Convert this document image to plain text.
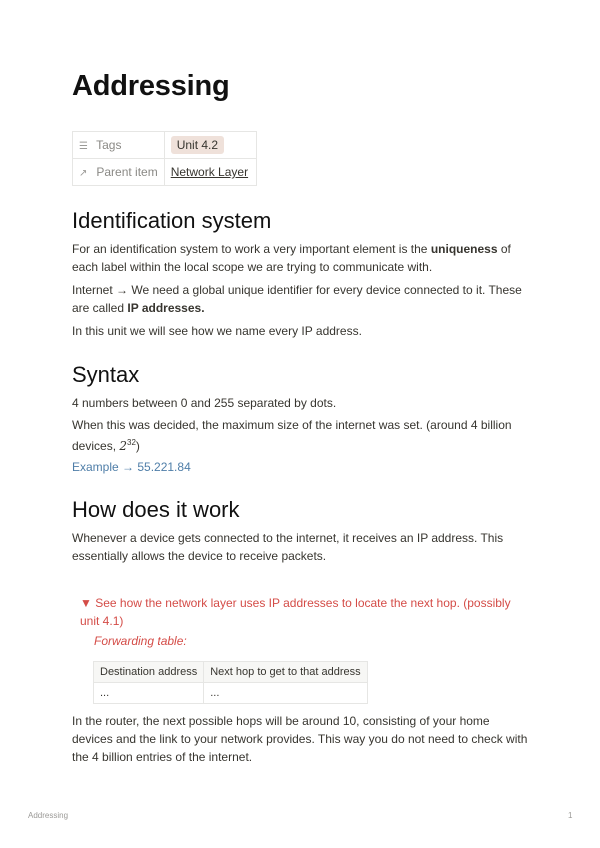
Addressing
☰ Tags	Unit 4.2
↗ Parent item	Network Layer
Identification system

For an identification system to work a very important element is the uniqueness of each label within the local scope we are trying to communicate with.

Internet → We need a global unique identifier for every device connected to it. These are called IP addresses.

In this unit we will see how we name every IP address.

Syntax

4 numbers between 0 and 255 separated by dots.

When this was decided, the maximum size of the internet was set. (around 4 billion devices, $2^{32}$)

Example → 55.221.84

How does it work

Whenever a device gets connected to the internet, it receives an IP address. This essentially allows the device to receive packets.

▼ See how the network layer uses IP addresses to locate the next hop. (possibly unit 4.1)
Forwarding table:
Destination address	Next hop to get to that address
...	...

In the router, the next possible hops will be around 10, consisting of your home devices and the link to your network provides. This way you do not need to check with the 4 billion entries of the internet.

Addressing	1
